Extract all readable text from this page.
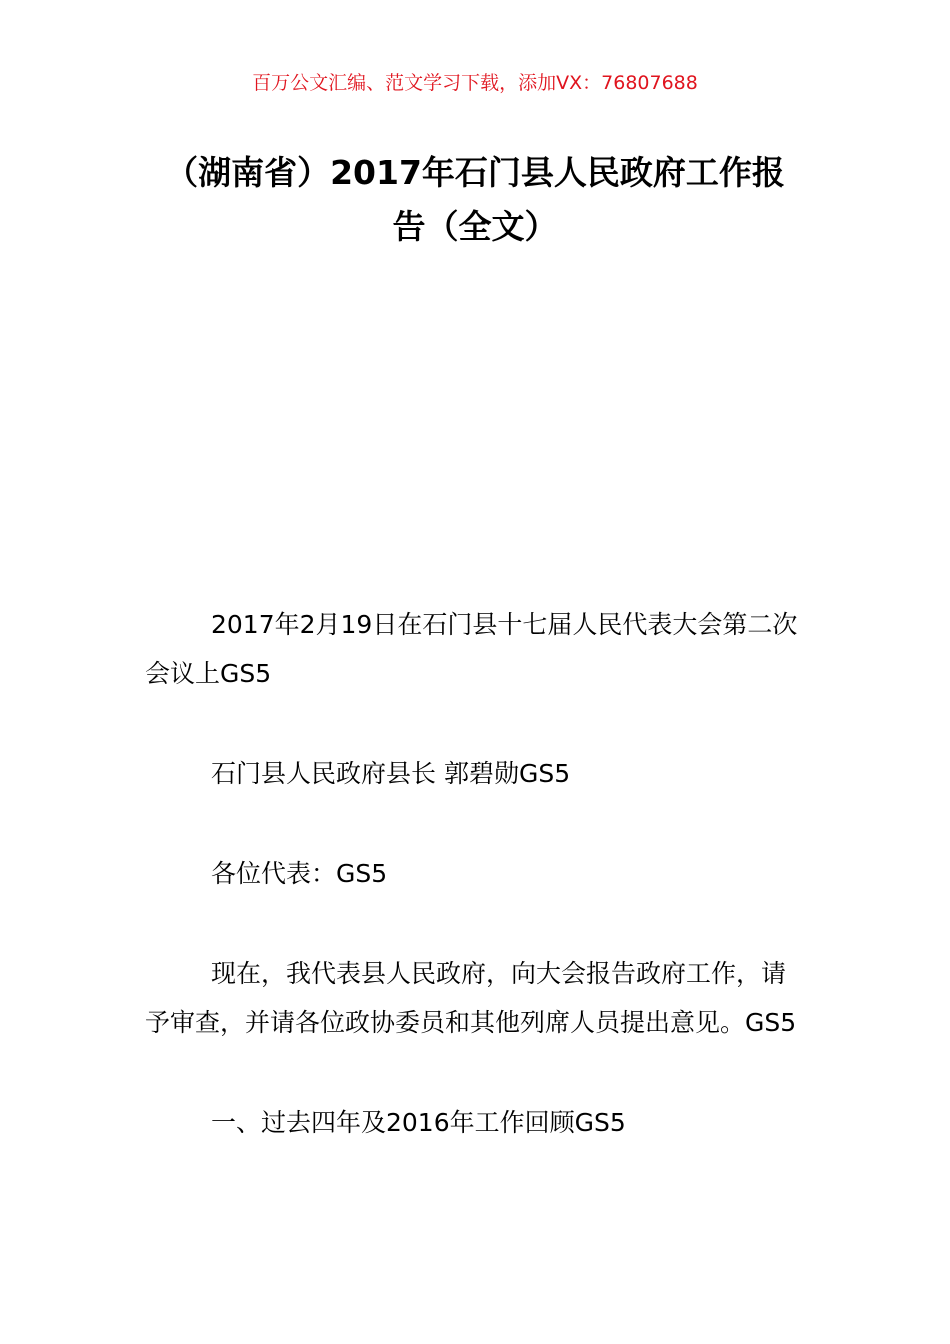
百万公文汇编、范文学习下载，添加VX：76807688
（湖南省）2017年石门县人民政府工作报
告（全文）

2017年2月19日在石门县十七届人民代表大会第二次会议上GS5

石门县人民政府县长 郭碧勋GS5

各位代表：GS5

现在，我代表县人民政府，向大会报告政府工作，请予审查，并请各位政协委员和其他列席人员提出意见。GS5

一、过去四年及2016年工作回顾GS5
